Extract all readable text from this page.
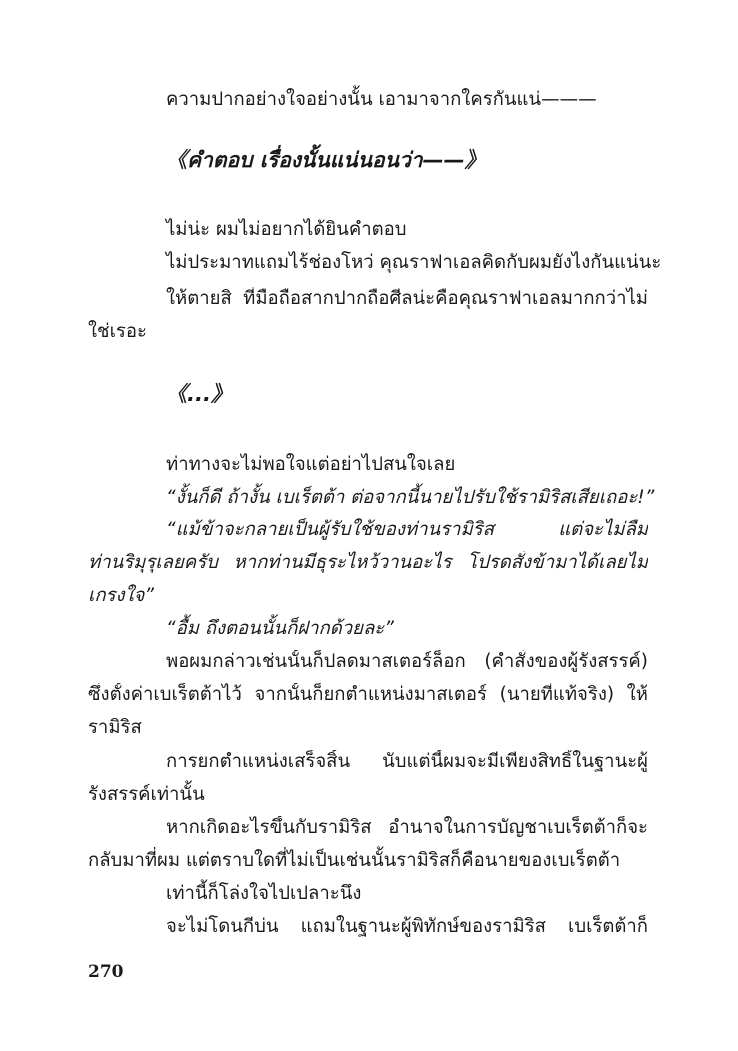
ความปากอย่างใจอย่างนั้น เอามาจากใครกันแน่———
《คำตอบ เรื่องนั้นแน่นอนว่า——》
ไม่น่ะ ผมไม่อยากได้ยินคำตอบ
ไม่ประมาทแถมไร้ช่องโหว่ คุณราฟาเอลคิดกับผมยังไงกันแน่นะ
ให้ตายสิ ที่มือถือสากปากถือศีลน่ะคือคุณราฟาเอลมากกว่าไม่
ใช่เรอะ
《...》
ท่าทางจะไม่พอใจแต่อย่าไปสนใจเลย
“งั้นก็ดี ถ้างั้น เบเร็ตต้า ต่อจากนี้นายไปรับใช้รามิริสเสียเถอะ!”
“แม้ข้าจะกลายเป็นผู้รับใช้ของท่านรามิริส แต่จะไม่ลืม
ท่านริมุรุเลยครับ หากท่านมีธุระไหว้วานอะไร โปรดสั่งข้ามาได้เลยไม่
เกรงใจ”
“อื้ม ถึงตอนนั้นก็ฝากด้วยละ”
พอผมกล่าวเช่นนั้นก็ปลดมาสเตอร์ล็อก (คำสั่งของผู้รังสรรค์)
ซึ่งตั้งค่าเบเร็ตต้าไว้ จากนั้นก็ยกตำแหน่งมาสเตอร์ (นายที่แท้จริง) ให้
รามิริส
การยกตำแหน่งเสร็จสิ้น นับแต่นี้ผมจะมีเพียงสิทธิ์ในฐานะผู้
รังสรรค์เท่านั้น
หากเกิดอะไรขึ้นกับรามิริส อำนาจในการบัญชาเบเร็ตต้าก็จะ
กลับมาที่ผม แต่ตราบใดที่ไม่เป็นเช่นนั้นรามิริสก็คือนายของเบเร็ตต้า
เท่านี้ก็โล่งใจไปเปลาะนึง
จะไม่โดนกีบ่น แถมในฐานะผู้พิทักษ์ของรามิริส เบเร็ตต้าก็
270
